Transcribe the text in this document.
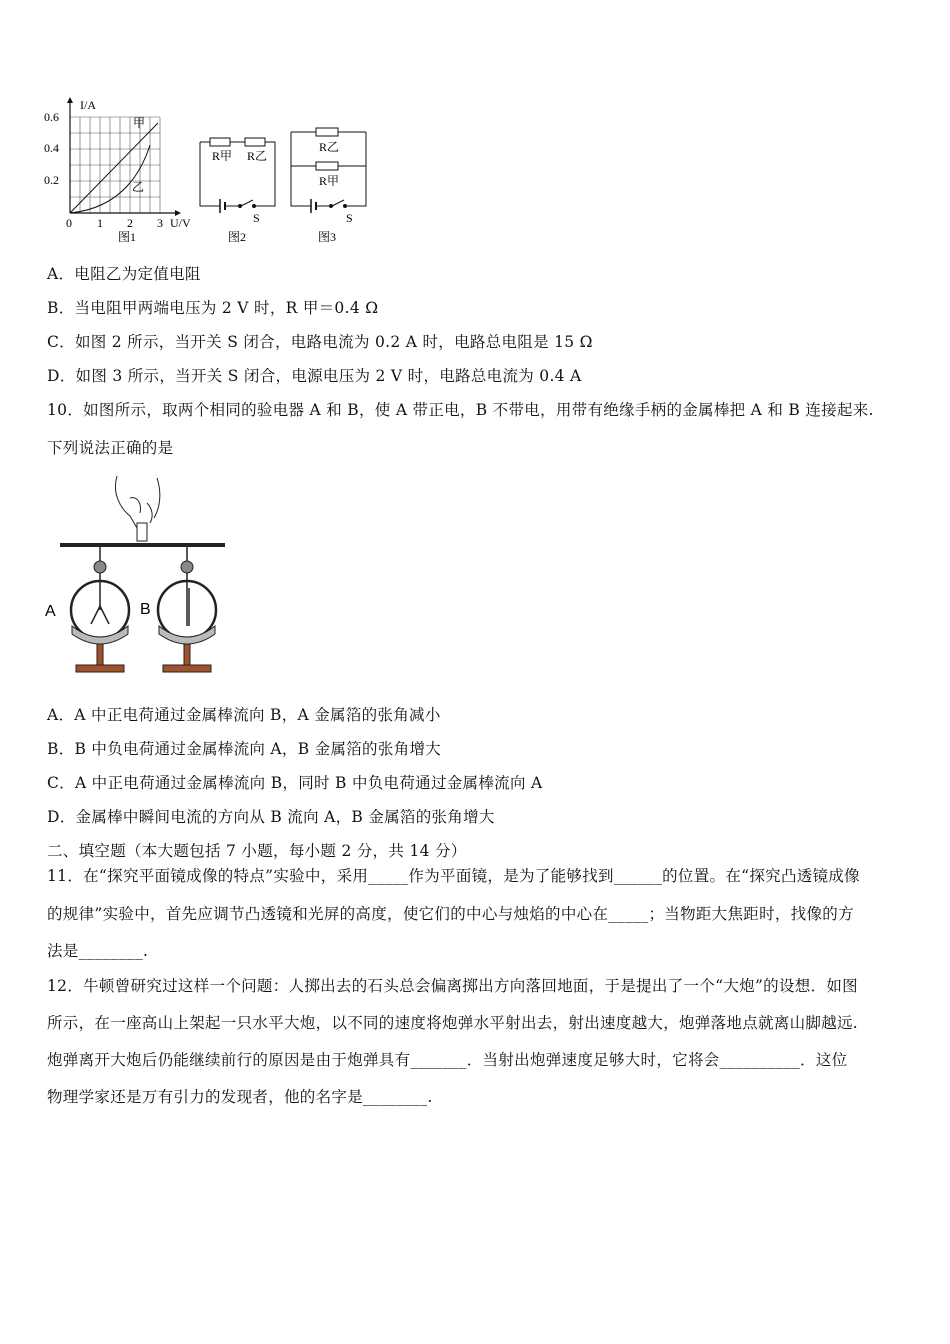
I/A
0.6
0.4
0.2
0 1 2 3 U/V
甲
乙
图1
R甲 R乙
S
图2
R乙
R甲
S
图3
A．电阻乙为定值电阻
B．当电阻甲两端电压为 2 V 时，R 甲＝0.4 Ω
C．如图 2 所示，当开关 S 闭合，电路电流为 0.2 A 时，电路总电阻是 15 Ω
D．如图 3 所示，当开关 S 闭合，电源电压为 2 V 时，电路总电流为 0.4 A
10．如图所示，取两个相同的验电器 A 和 B，使 A 带正电，B 不带电，用带有绝缘手柄的金属棒把 A 和 B 连接起来.
下列说法正确的是
A	B
A．A 中正电荷通过金属棒流向 B，A 金属箔的张角减小
B．B 中负电荷通过金属棒流向 A，B 金属箔的张角增大
C．A 中正电荷通过金属棒流向 B，同时 B 中负电荷通过金属棒流向 A
D．金属棒中瞬间电流的方向从 B 流向 A，B 金属箔的张角增大
二、填空题（本大题包括 7 小题，每小题 2 分，共 14 分）
11．在“探究平面镜成像的特点”实验中，采用_____作为平面镜，是为了能够找到______的位置。在“探究凸透镜成像
的规律”实验中，首先应调节凸透镜和光屏的高度，使它们的中心与烛焰的中心在_____；当物距大焦距时，找像的方
法是________.
12．牛顿曾研究过这样一个问题：人掷出去的石头总会偏离掷出方向落回地面，于是提出了一个“大炮”的设想．如图
所示，在一座高山上架起一只水平大炮，以不同的速度将炮弹水平射出去，射出速度越大，炮弹落地点就离山脚越远.
炮弹离开大炮后仍能继续前行的原因是由于炮弹具有_______．当射出炮弹速度足够大时，它将会__________．这位
物理学家还是万有引力的发现者，他的名字是________.
